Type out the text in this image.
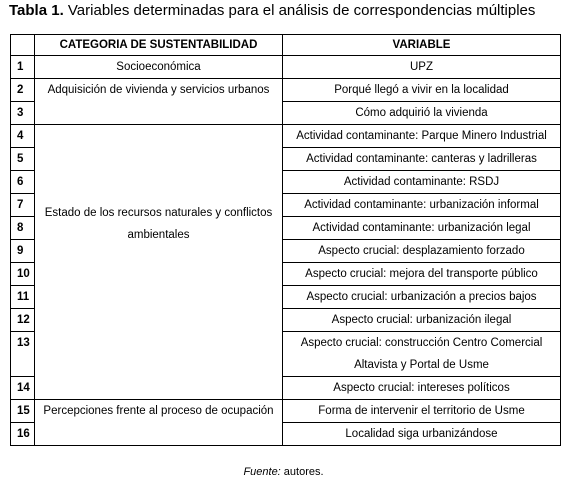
Tabla 1. Variables determinadas para el análisis de correspondencias múltiples
	CATEGORIA DE SUSTENTABILIDAD	VARIABLE
1	Socioeconómica	UPZ
2	Adquisición de vivienda y servicios urbanos	Porqué llegó a vivir en la localidad
3		Cómo adquirió la vivienda
4	Estado de los recursos naturales y conflictos ambientales	Actividad contaminante: Parque Minero Industrial
5		Actividad contaminante: canteras y ladrilleras
6		Actividad contaminante: RSDJ
7		Actividad contaminante: urbanización informal
8		Actividad contaminante: urbanización legal
9		Aspecto crucial: desplazamiento forzado
10		Aspecto crucial: mejora del transporte público
11		Aspecto crucial: urbanización a precios bajos
12		Aspecto crucial: urbanización ilegal
13		Aspecto crucial: construcción Centro Comercial Altavista y Portal de Usme
14		Aspecto crucial: intereses políticos
15	Percepciones frente al proceso de ocupación	Forma de intervenir el territorio de Usme
16		Localidad siga urbanizándose
Fuente: autores.
